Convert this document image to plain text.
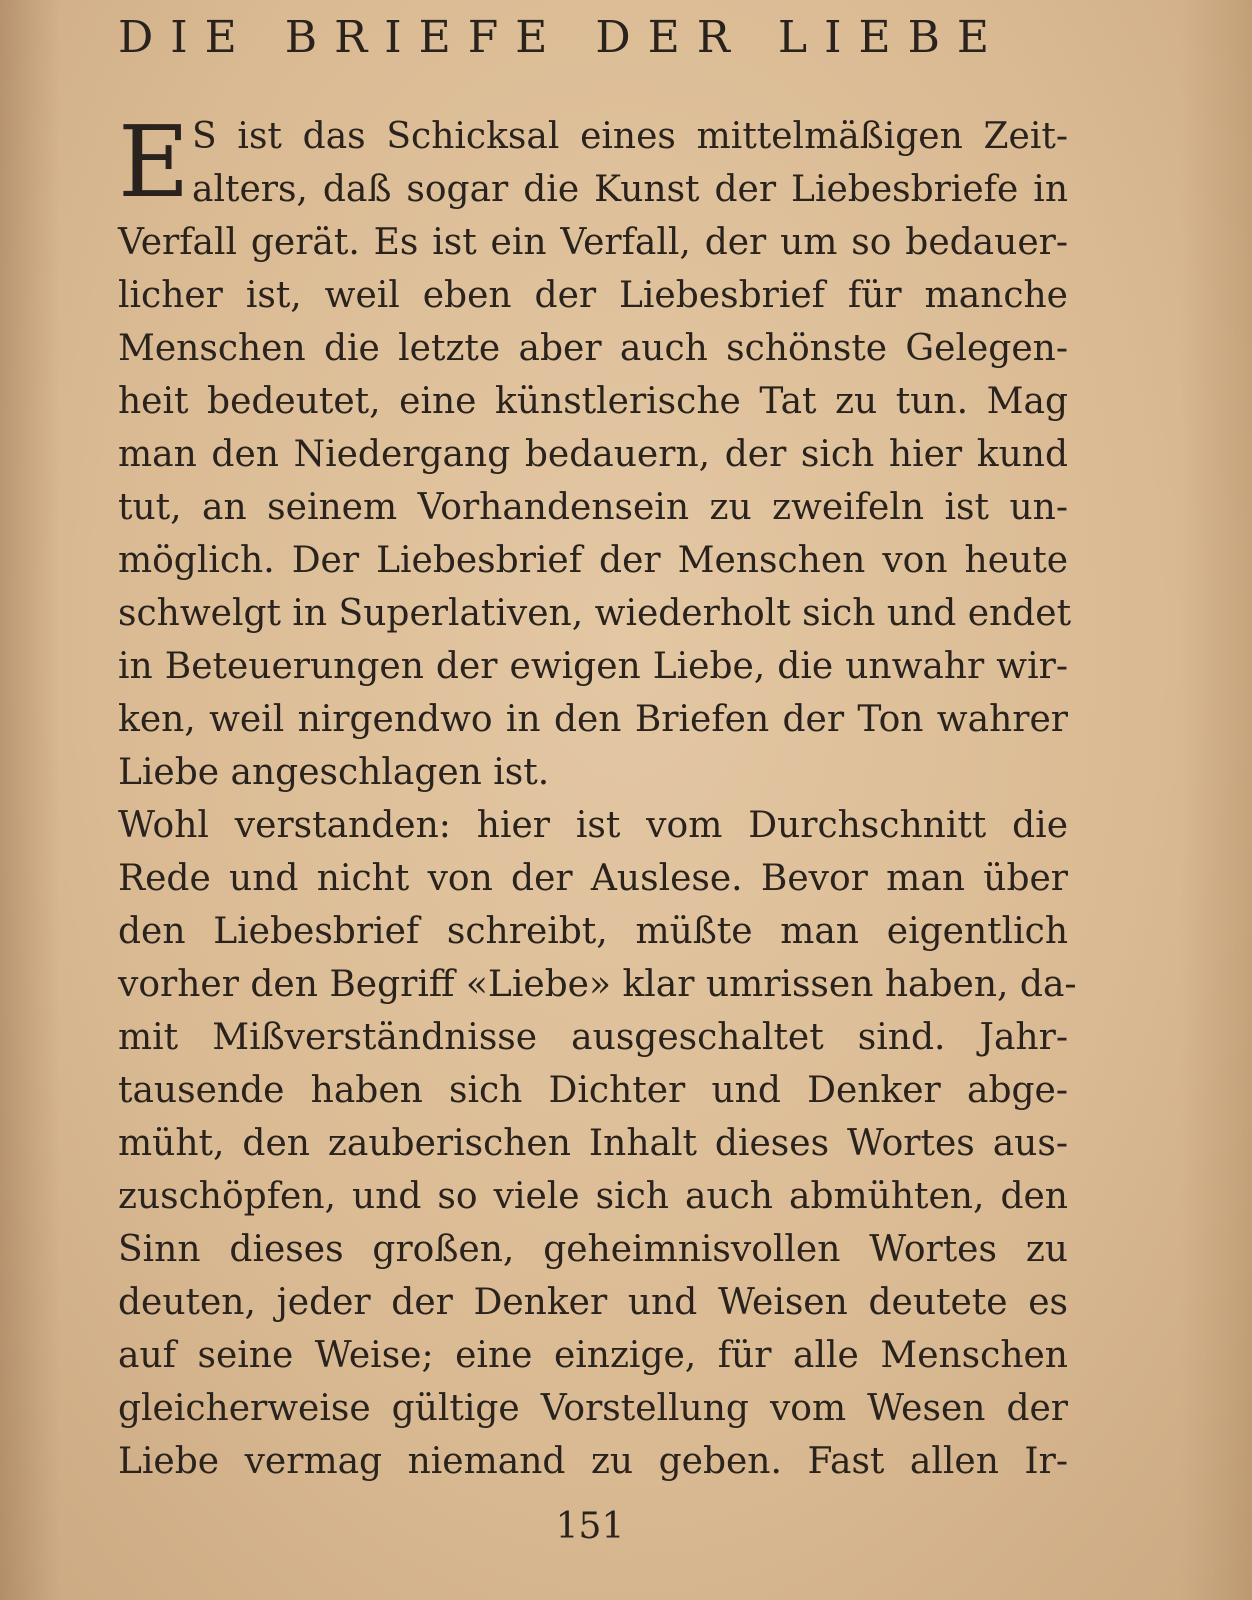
DIE BRIEFE DER LIEBE
E S ist das Schicksal eines mittelmäßigen Zeit-
alters, daß sogar die Kunst der Liebesbriefe in
Verfall gerät. Es ist ein Verfall, der um so bedauer-
licher ist, weil eben der Liebesbrief für manche
Menschen die letzte aber auch schönste Gelegen-
heit bedeutet, eine künstlerische Tat zu tun. Mag
man den Niedergang bedauern, der sich hier kund
tut, an seinem Vorhandensein zu zweifeln ist un-
möglich. Der Liebesbrief der Menschen von heute
schwelgt in Superlativen, wiederholt sich und endet
in Beteuerungen der ewigen Liebe, die unwahr wir-
ken, weil nirgendwo in den Briefen der Ton wahrer
Liebe angeschlagen ist.
Wohl verstanden: hier ist vom Durchschnitt die
Rede und nicht von der Auslese. Bevor man über
den Liebesbrief schreibt, müßte man eigentlich
vorher den Begriff «Liebe» klar umrissen haben, da-
mit Mißverständnisse ausgeschaltet sind. Jahr-
tausende haben sich Dichter und Denker abge-
müht, den zauberischen Inhalt dieses Wortes aus-
zuschöpfen, und so viele sich auch abmühten, den
Sinn dieses großen, geheimnisvollen Wortes zu
deuten, jeder der Denker und Weisen deutete es
auf seine Weise; eine einzige, für alle Menschen
gleicherweise gültige Vorstellung vom Wesen der
Liebe vermag niemand zu geben. Fast allen Ir-
151
